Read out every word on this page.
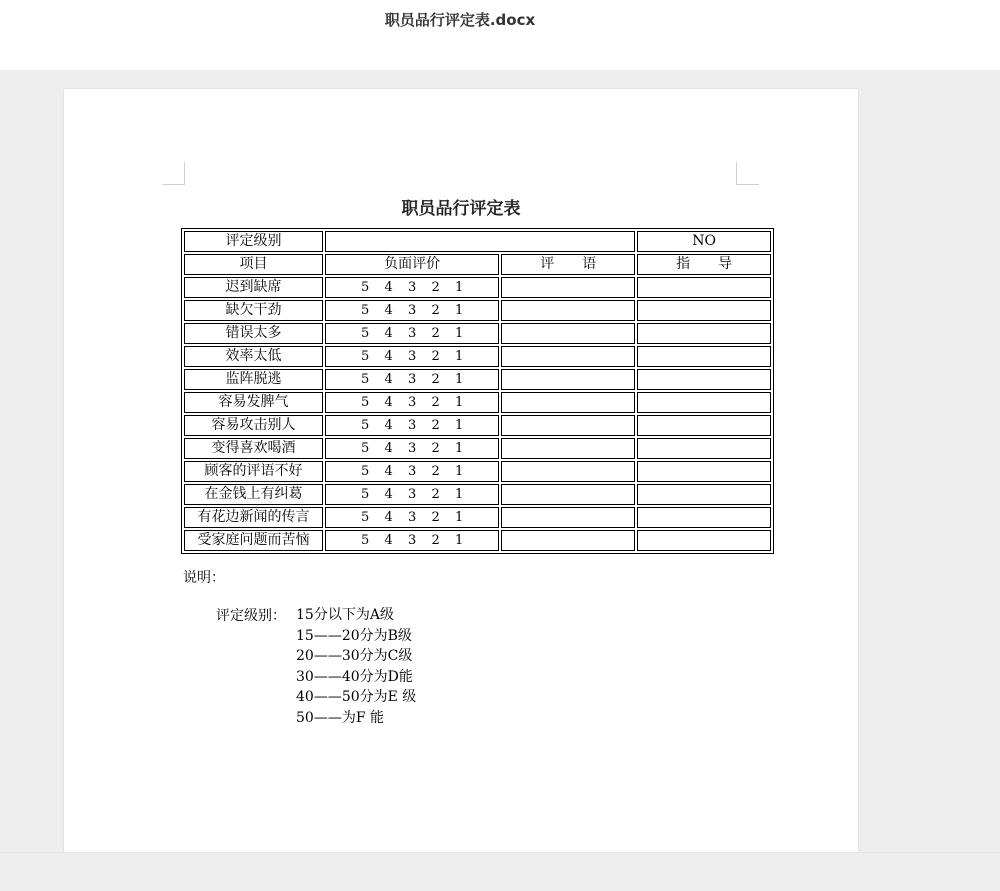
职员品行评定表.docx
职员品行评定表
评定级别			NO
项目	负面评价	评　　语	指　　导
迟到缺席	5 4 3 2 1		
缺欠干劲	5 4 3 2 1		
错误太多	5 4 3 2 1		
效率太低	5 4 3 2 1		
监阵脱逃	5 4 3 2 1		
容易发脾气	5 4 3 2 1		
容易攻击别人	5 4 3 2 1		
变得喜欢喝酒	5 4 3 2 1		
顾客的评语不好	5 4 3 2 1		
在金钱上有纠葛	5 4 3 2 1		
有花边新闻的传言	5 4 3 2 1		
受家庭问题而苦恼	5 4 3 2 1		
说明：
评定级别： 15分以下为A级
15——20分为B级
20——30分为C级
30——40分为D能
40——50分为E 级
50——为F 能
